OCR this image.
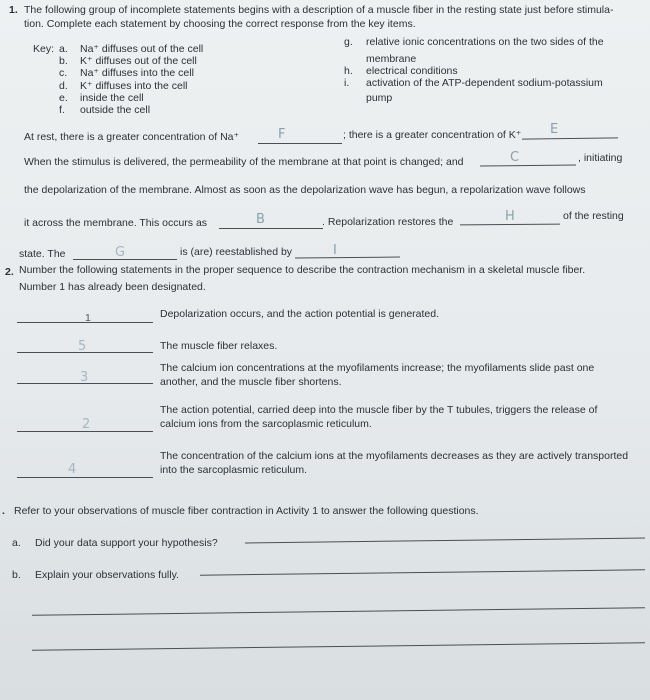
1. The following group of incomplete statements begins with a description of a muscle fiber in the resting state just before stimula-
tion. Complete each statement by choosing the correct response from the key items.
Key: a. Na⁺ diffuses out of the cell
b. K⁺ diffuses out of the cell
c. Na⁺ diffuses into the cell
d. K⁺ diffuses into the cell
e. inside the cell
f. outside the cell
g. relative ionic concentrations on the two sides of the
membrane
h. electrical conditions
i. activation of the ATP-dependent sodium-potassium
pump
At rest, there is a greater concentration of Na⁺	F	; there is a greater concentration of K⁺ E
When the stimulus is delivered, the permeability of the membrane at that point is changed; and	C	, initiating
the depolarization of the membrane. Almost as soon as the depolarization wave has begun, a repolarization wave follows
it across the membrane. This occurs as	B	. Repolarization restores the	H	of the resting
state. The	G	is (are) reestablished by	I
2. Number the following statements in the proper sequence to describe the contraction mechanism in a skeletal muscle fiber.
Number 1 has already been designated.
1	Depolarization occurs, and the action potential is generated.
5	The muscle fiber relaxes.
3
The calcium ion concentrations at the myofilaments increase; the myofilaments slide past one
another, and the muscle fiber shortens.
2
The action potential, carried deep into the muscle fiber by the T tubules, triggers the release of
calcium ions from the sarcoplasmic reticulum.
4
The concentration of the calcium ions at the myofilaments decreases as they are actively transported
into the sarcoplasmic reticulum.
. Refer to your observations of muscle fiber contraction in Activity 1 to answer the following questions.
a. Did your data support your hypothesis?
b. Explain your observations fully.
